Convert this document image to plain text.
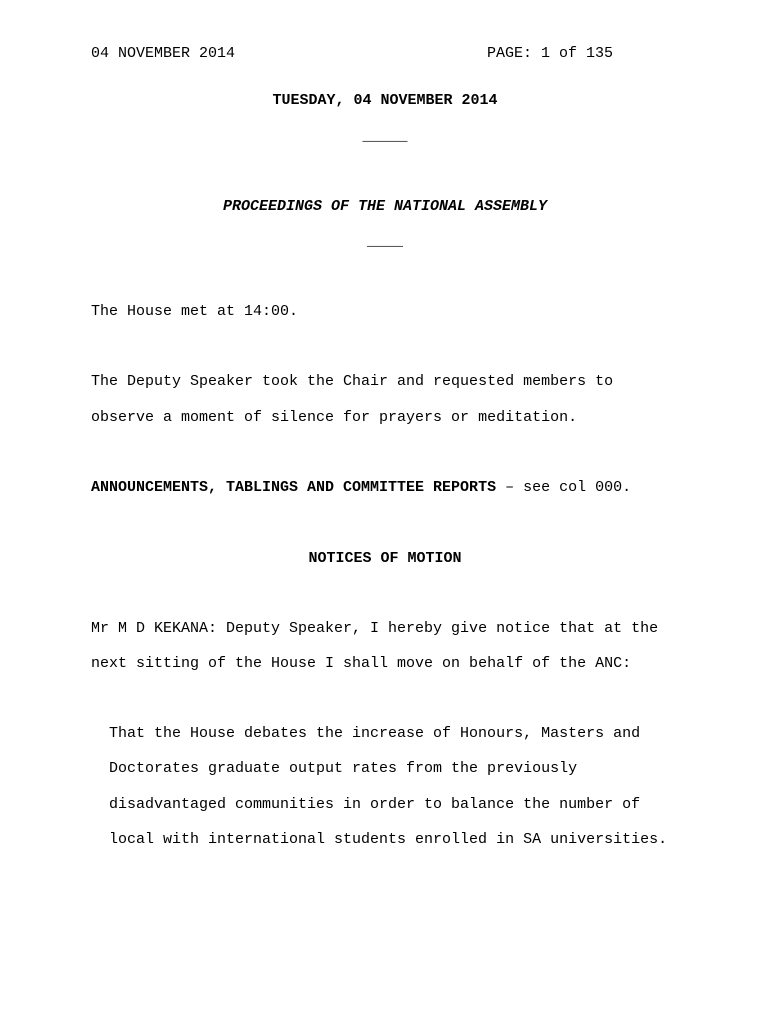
04 NOVEMBER 2014	PAGE: 1 of 135
TUESDAY, 04 NOVEMBER 2014
_____
PROCEEDINGS OF THE NATIONAL ASSEMBLY
____
The House met at 14:00.
The Deputy Speaker took the Chair and requested members to
observe a moment of silence for prayers or meditation.
ANNOUNCEMENTS, TABLINGS AND COMMITTEE REPORTS – see col 000.
NOTICES OF MOTION
Mr M D KEKANA: Deputy Speaker, I hereby give notice that at the
next sitting of the House I shall move on behalf of the ANC:
That the House debates the increase of Honours, Masters and
Doctorates graduate output rates from the previously
disadvantaged communities in order to balance the number of
local with international students enrolled in SA universities.
